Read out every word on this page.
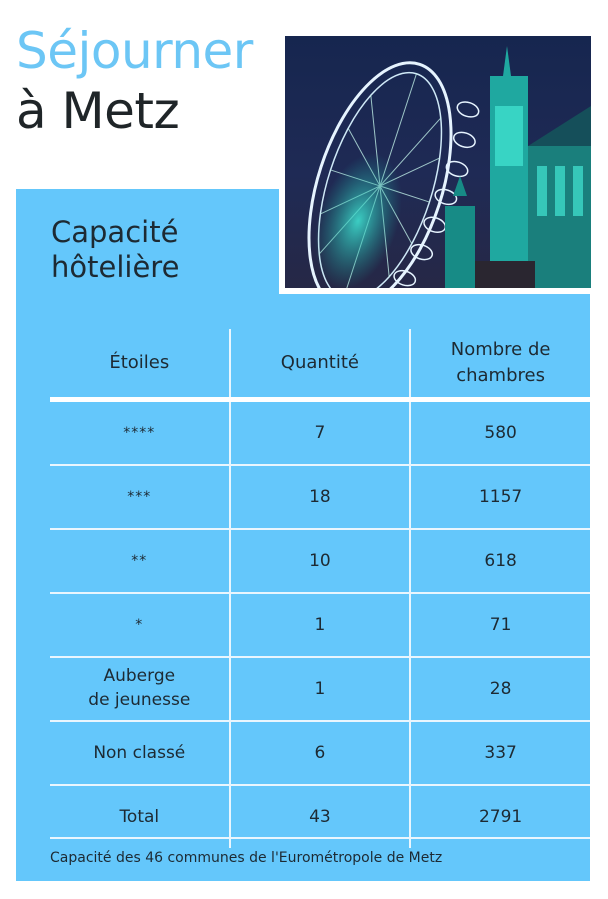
Séjourner
à Metz
Capacité
hôtelière
Étoiles	Quantité	Nombre de
chambres

****	7	580
***	18	1157
**	10	618
*	1	71

Auberge
de jeunesse	1	28
Non classé	6	337
Total	43	2791
Capacité des 46 communes de l'Eurométropole de Metz
